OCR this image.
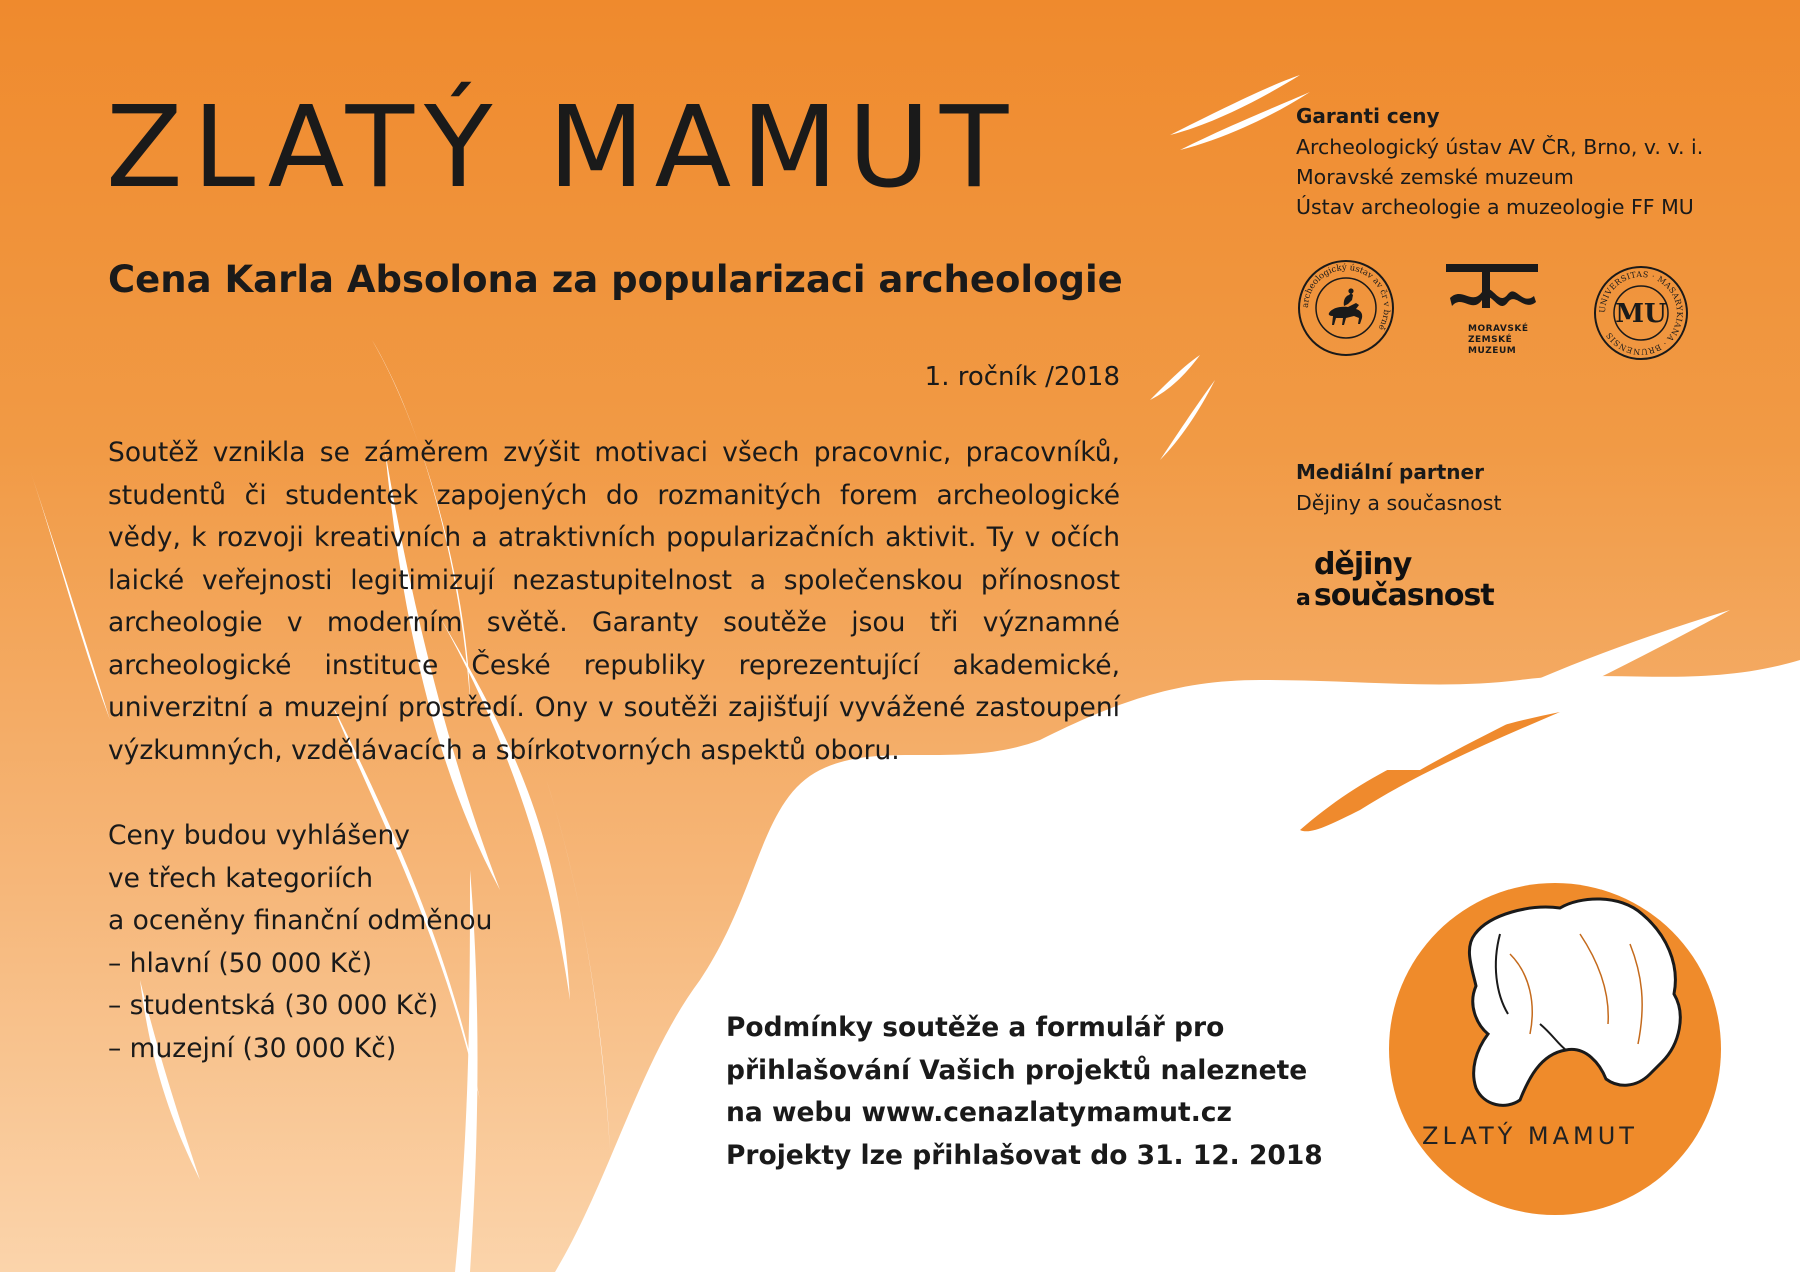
ZLATÝ MAMUT
Cena Karla Absolona za popularizaci archeologie
1. ročník /2018
Soutěž vznikla se záměrem zvýšit motivaci všech pracovnic, pracovníků, studentů či studentek zapojených do rozmanitých forem archeologické vědy, k rozvoji kreativních a atraktivních popularizačních aktivit. Ty v očích laické veřejnosti legitimizují nezastupitelnost a společenskou přínosnost archeologie v moderním světě. Garanty soutěže jsou tři významné archeologické instituce České republiky reprezentující akademické, univerzitní a muzejní prostředí. Ony v soutěži zajišťují vyvážené zastoupení výzkumných, vzdělávacích a sbírkotvorných aspektů oboru.
Ceny budou vyhlášeny
ve třech kategoriích
a oceněny finanční odměnou
– hlavní (50 000 Kč)
– studentská (30 000 Kč)
– muzejní (30 000 Kč)
Podmínky soutěže a formulář pro
přihlašování Vašich projektů naleznete
na webu www.cenazlatymamut.cz
Projekty lze přihlašovat do 31. 12. 2018
Garanti ceny
Archeologický ústav AV ČR, Brno, v. v. i.
Moravské zemské muzeum
Ústav archeologie a muzeologie FF MU
archeologický ústav av čr v brně	MORAVSKÉ
ZEMSKÉ
MUZEUM
UNIVERSITAS · MASARYKIANA · BRUNENSIS
MU
Mediální partner
Dějiny a současnost
dějiny
a současnost
ZLATÝ MAMUT
